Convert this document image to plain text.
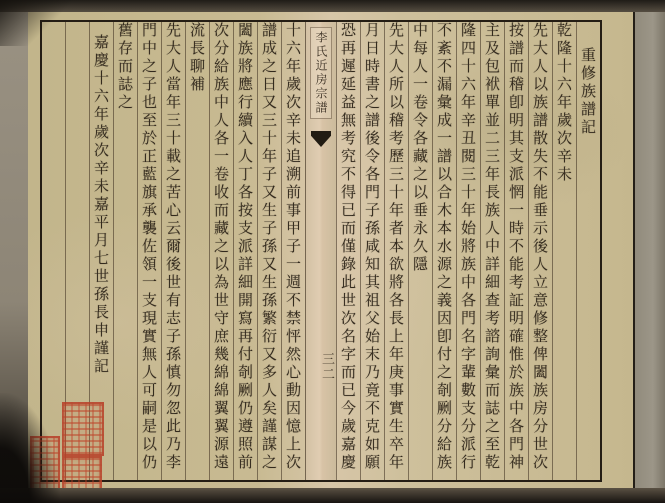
重修族譜記
乾隆十六年歲次辛未
先大人以族譜散失不能垂示後人立意修整俾闔族房分世次
按譜而稽卽明其支派惘一時不能考証明確惟於族中各門神
主及包袱單並二三年長族人中詳細查考諮詢彙而誌之至乾
隆四十六年辛丑閱三十年始將族中各門名字輩數支分派行
不紊不漏彙成一譜以合木本水源之義因卽付之剞劂分給族
中每人一卷令各藏之以垂永久隱
先大人所以稽考歷三十年者本欲將各長上年庚事實生卒年
月日時書之譜後令各門子孫咸知其祖父始末乃竟不克如願
恐再遲延益無考究不得已而僅錄此世次名字而已今歲嘉慶
李氏近房宗譜
三二
十六年歲次辛未追溯前事甲子一週不禁怦然心動因憶上次
譜成之日又三十年子又生子孫又生孫繁衍又多人矣謹謀之
闔族將應行續入人丁各按支派詳細開寫再付剞劂仍遵照前
次分給族中人各一卷收而藏之以為世守庶幾綿綿翼翼源遠
流長聊補
先大人當年三十載之苦心云爾後世有志子孫慎勿忽此乃李
門中之子也至於正藍旗承襲佐領一支現實無人可嗣是以仍
舊存而誌之
嘉慶十六年歲次辛未嘉平月七世孫長申謹記
